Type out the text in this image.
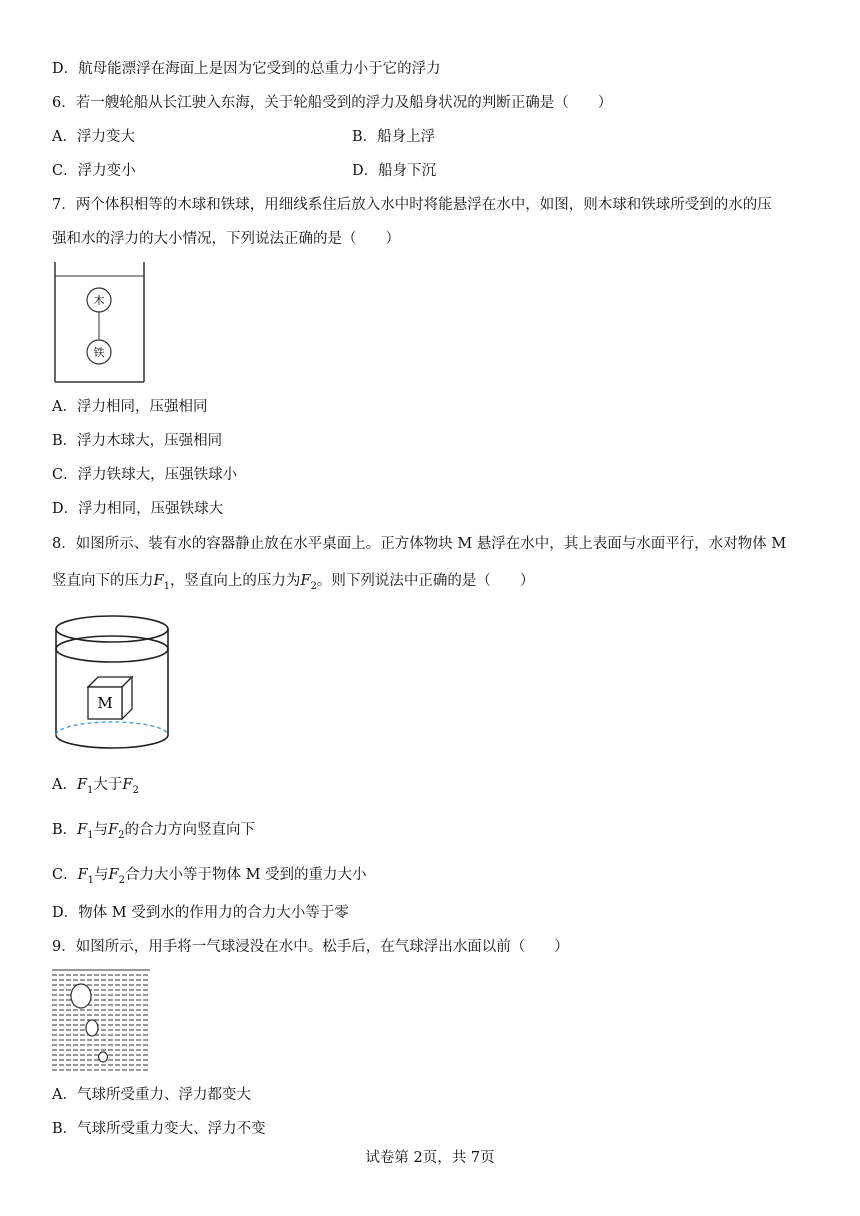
D．航母能漂浮在海面上是因为它受到的总重力小于它的浮力
6．若一艘轮船从长江驶入东海，关于轮船受到的浮力及船身状况的判断正确是（　　）
A．浮力变大	B．船身上浮
C．浮力变小	D．船身下沉
7．两个体积相等的木球和铁球，用细线系住后放入水中时将能悬浮在水中，如图，则木球和铁球所受到的水的压
强和水的浮力的大小情况，下列说法正确的是（　　）
木
铁
A．浮力相同，压强相同
B．浮力木球大，压强相同
C．浮力铁球大，压强铁球小
D．浮力相同，压强铁球大
8．如图所示、装有水的容器静止放在水平桌面上。正方体物块 M 悬浮在水中，其上表面与水面平行，水对物体 M
竖直向下的压力$F_1$，竖直向上的压力为$F_2$。则下列说法中正确的是（　　）
M
A．$F_1$大于$F_2$
B．$F_1$与$F_2$的合力方向竖直向下
C．$F_1$与$F_2$合力大小等于物体 M 受到的重力大小
D．物体 M 受到水的作用力的合力大小等于零
9．如图所示，用手将一气球浸没在水中。松手后，在气球浮出水面以前（　　）
A．气球所受重力、浮力都变大
B．气球所受重力变大、浮力不变
试卷第 2页，共 7页
